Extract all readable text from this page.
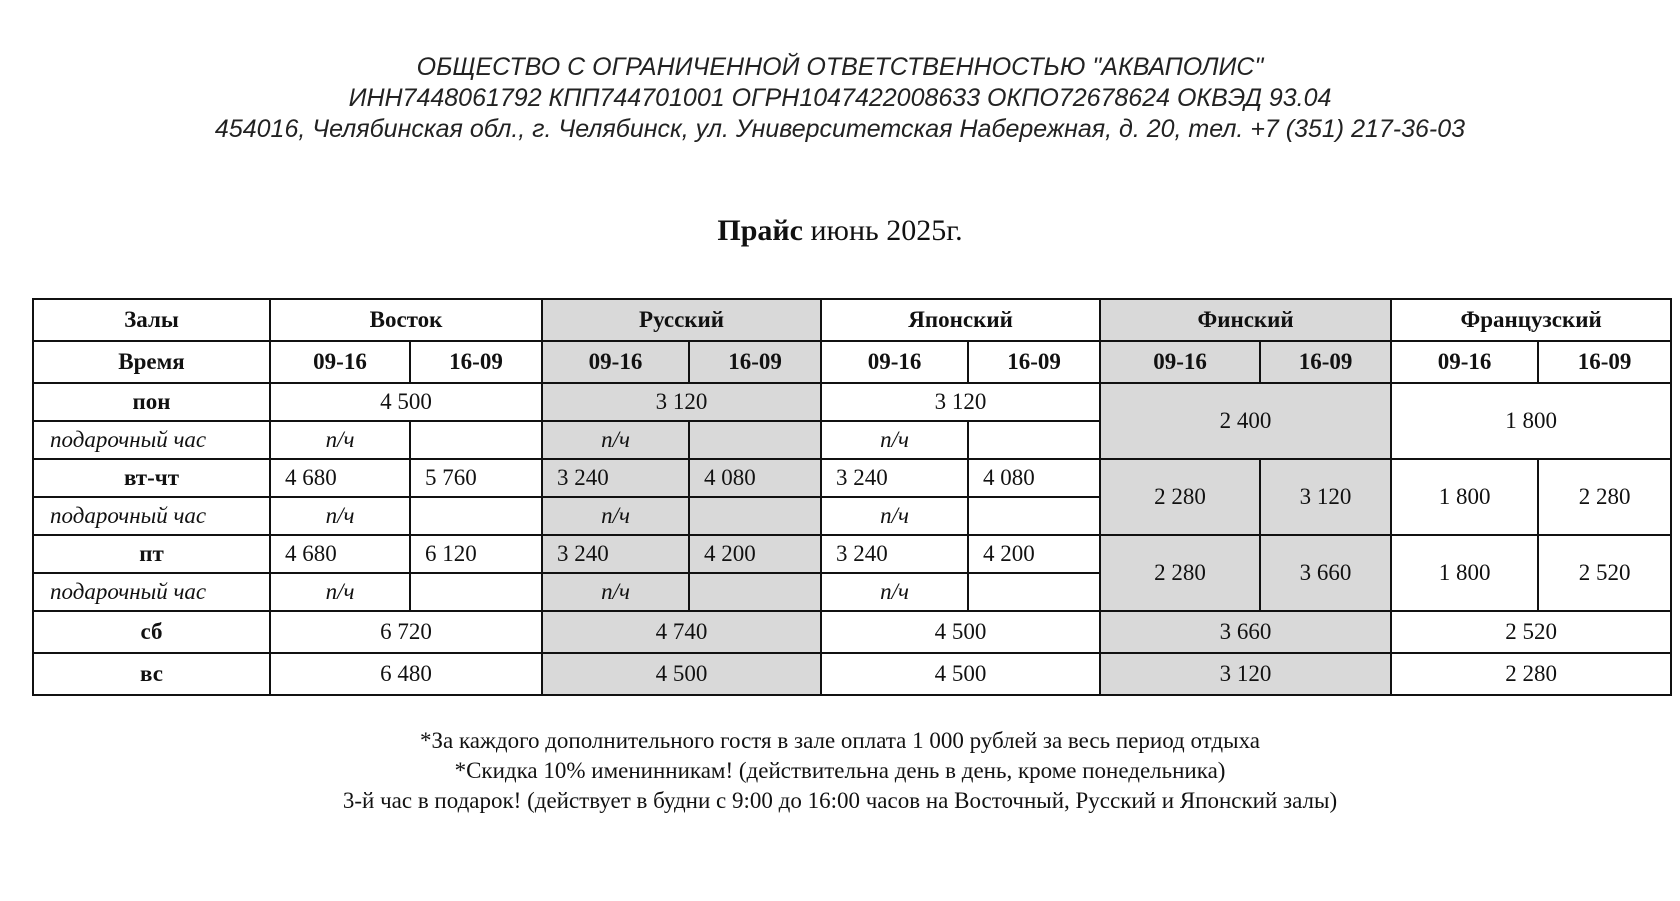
ОБЩЕСТВО С ОГРАНИЧЕННОЙ ОТВЕТСТВЕННОСТЬЮ "АКВАПОЛИС"
ИНН7448061792 КПП744701001 ОГРН1047422008633 ОКПО72678624 ОКВЭД 93.04
454016, Челябинская обл., г. Челябинск, ул. Университетская Набережная, д. 20, тел. +7 (351) 217-36-03
Прайс июнь 2025г.
Залы	Восток		Русский		Японский		Финский		Французский	
Время	09-16	16-09	09-16	16-09	09-16	16-09	09-16	16-09	09-16	16-09
пон	4 500		3 120		3 120		2 400		1 800	
подарочный час	п/ч		п/ч		п/ч					
вт-чт	4 680	5 760	3 240	4 080	3 240	4 080	2 280	3 120	1 800	2 280
подарочный час	п/ч		п/ч		п/ч					
пт	4 680	6 120	3 240	4 200	3 240	4 200	2 280	3 660	1 800	2 520
подарочный час	п/ч		п/ч		п/ч					
сб	6 720		4 740		4 500		3 660		2 520	
вс	6 480		4 500		4 500		3 120		2 280	
*За каждого дополнительного гостя в зале оплата 1 000 рублей за весь период отдыха
*Скидка 10% именинникам! (действительна день в день, кроме понедельника)
3-й час в подарок! (действует в будни с 9:00 до 16:00 часов на Восточный, Русский и Японский залы)
